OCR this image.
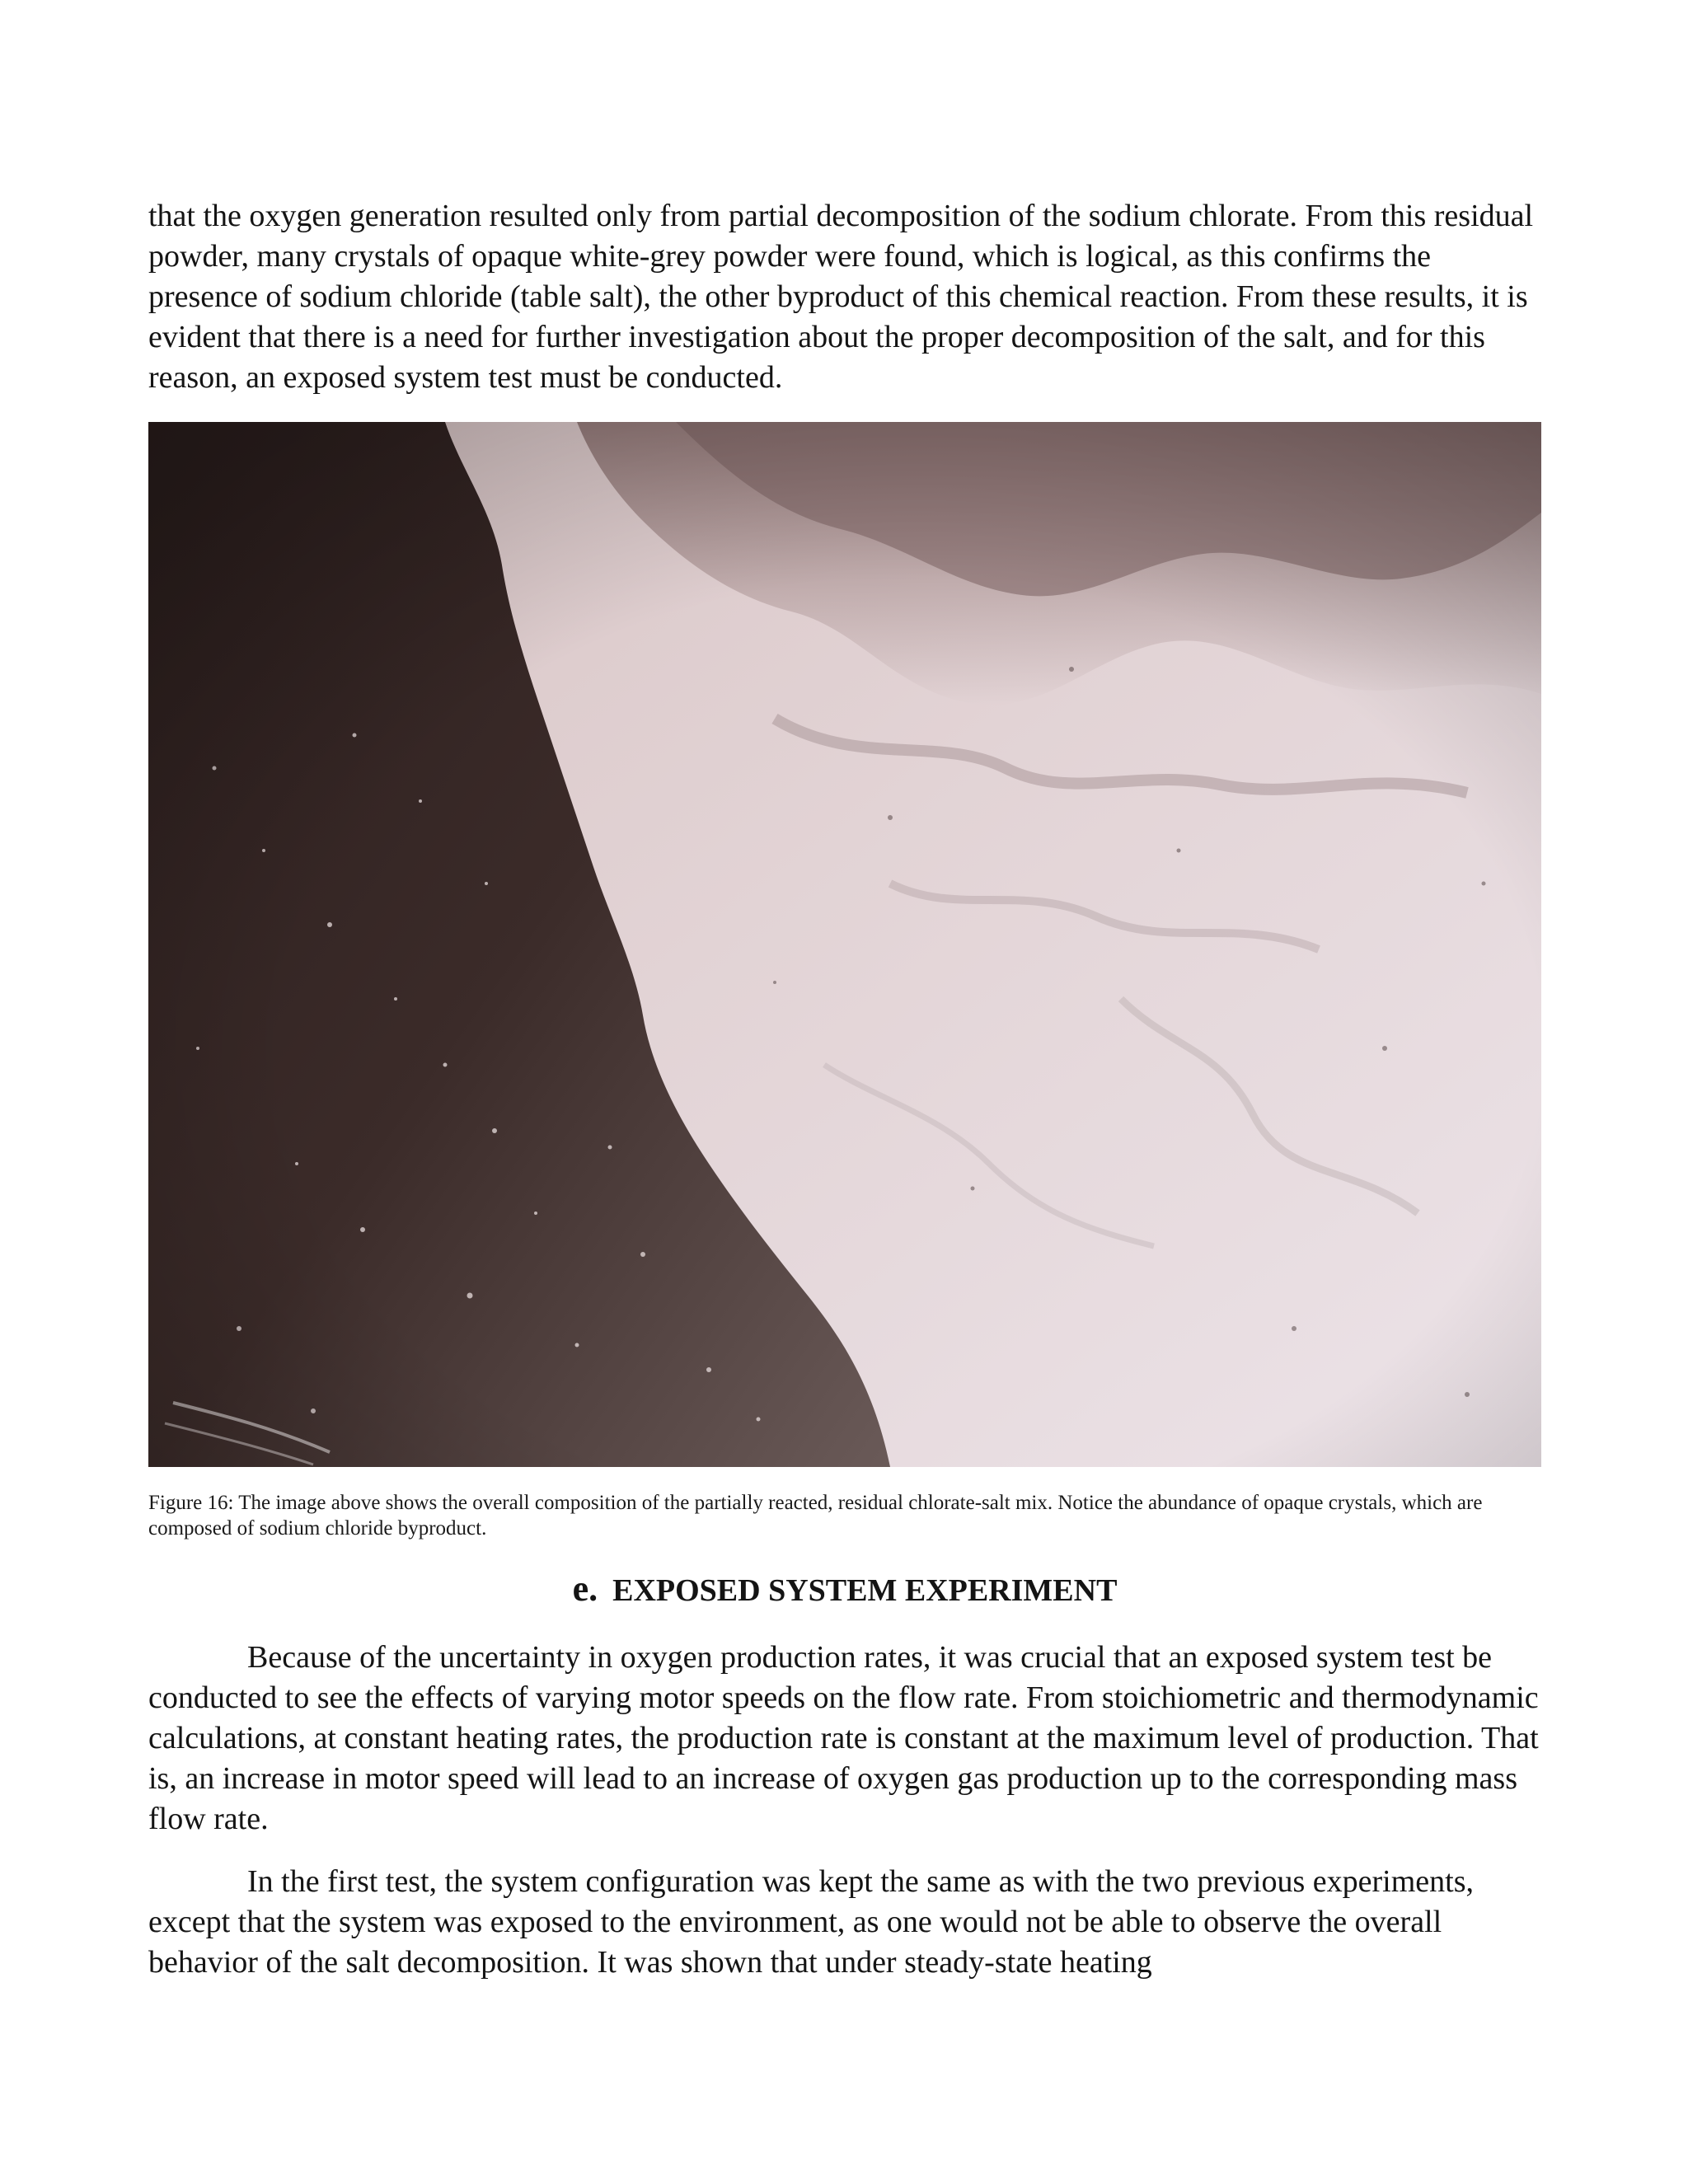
that the oxygen generation resulted only from partial decomposition of the sodium chlorate. From this residual powder, many crystals of opaque white-grey powder were found, which is logical, as this confirms the presence of sodium chloride (table salt), the other byproduct of this chemical reaction. From these results, it is evident that there is a need for further investigation about the proper decomposition of the salt, and for this reason, an exposed system test must be conducted.

Figure 16: The image above shows the overall composition of the partially reacted, residual chlorate-salt mix. Notice the abundance of opaque crystals, which are composed of sodium chloride byproduct.

e. EXPOSED SYSTEM EXPERIMENT

Because of the uncertainty in oxygen production rates, it was crucial that an exposed system test be conducted to see the effects of varying motor speeds on the flow rate. From stoichiometric and thermodynamic calculations, at constant heating rates, the production rate is constant at the maximum level of production. That is, an increase in motor speed will lead to an increase of oxygen gas production up to the corresponding mass flow rate.

In the first test, the system configuration was kept the same as with the two previous experiments, except that the system was exposed to the environment, as one would not be able to observe the overall behavior of the salt decomposition. It was shown that under steady-state heating
